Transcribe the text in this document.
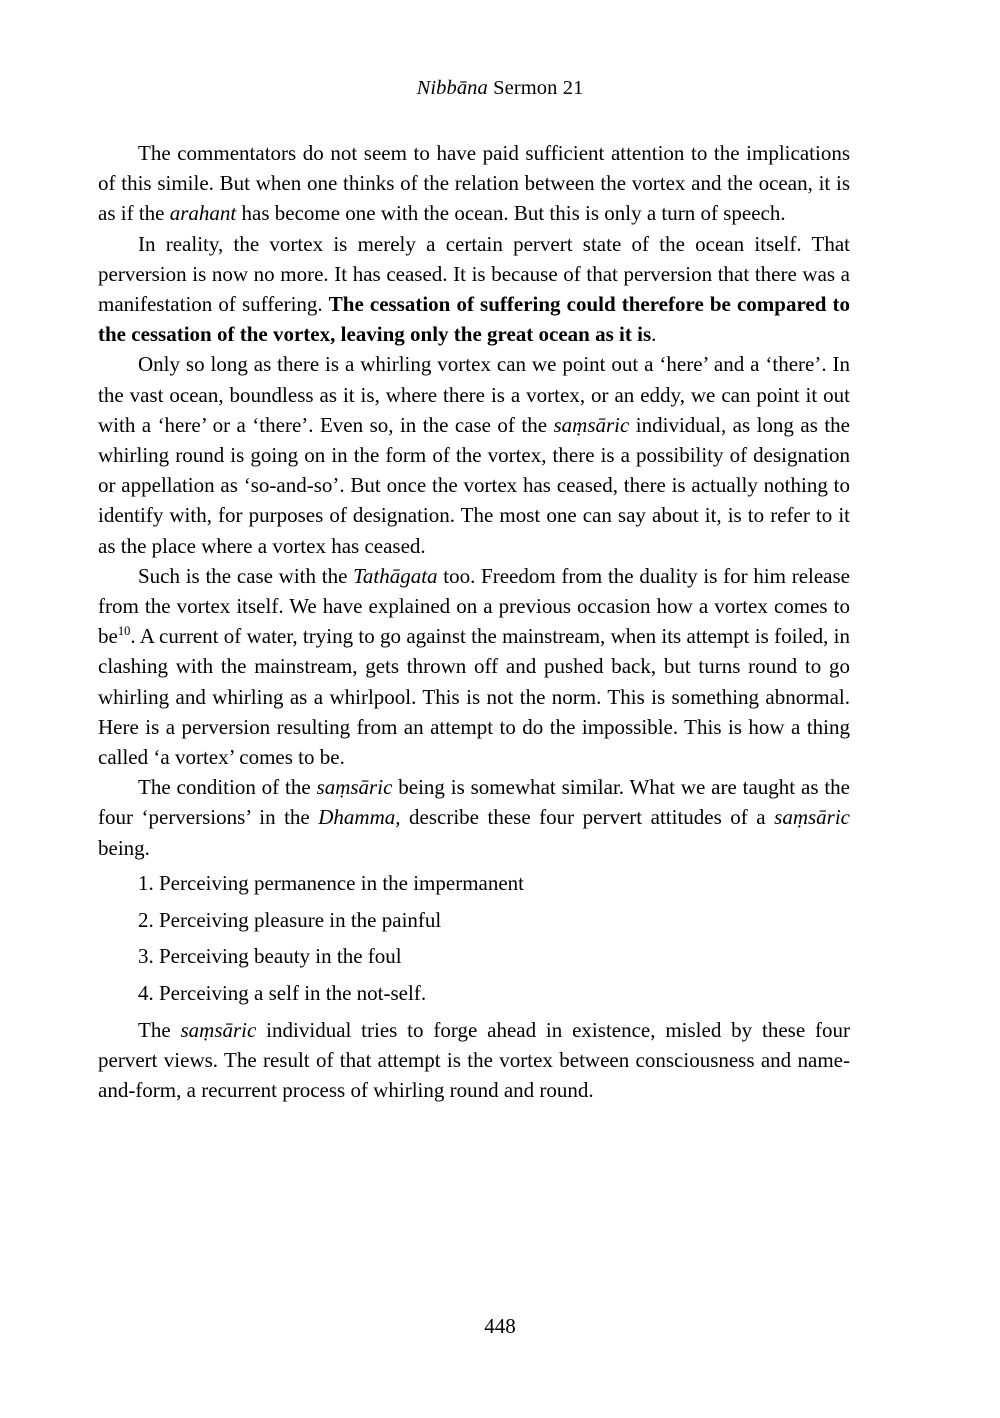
Nibbāna Sermon 21

The commentators do not seem to have paid sufficient attention to the implications of this simile. But when one thinks of the relation between the vortex and the ocean, it is as if the arahant has become one with the ocean. But this is only a turn of speech.

In reality, the vortex is merely a certain pervert state of the ocean itself. That perversion is now no more. It has ceased. It is because of that perversion that there was a manifestation of suffering. The cessation of suffering could therefore be compared to the cessation of the vortex, leaving only the great ocean as it is.

Only so long as there is a whirling vortex can we point out a ‘here’ and a ‘there’. In the vast ocean, boundless as it is, where there is a vortex, or an eddy, we can point it out with a ‘here’ or a ‘there’. Even so, in the case of the saṃsāric individual, as long as the whirling round is going on in the form of the vortex, there is a possibility of designation or appellation as ‘so-and-so’. But once the vortex has ceased, there is actually nothing to identify with, for purposes of designation. The most one can say about it, is to refer to it as the place where a vortex has ceased.

Such is the case with the Tathāgata too. Freedom from the duality is for him release from the vortex itself. We have explained on a previous occasion how a vortex comes to be$^{10}$. A current of water, trying to go against the mainstream, when its attempt is foiled, in clashing with the mainstream, gets thrown off and pushed back, but turns round to go whirling and whirling as a whirlpool. This is not the norm. This is something abnormal. Here is a perversion resulting from an attempt to do the impossible. This is how a thing called ‘a vortex’ comes to be.

The condition of the saṃsāric being is somewhat similar. What we are taught as the four ‘perversions’ in the Dhamma, describe these four pervert attitudes of a saṃsāric being.

1. Perceiving permanence in the impermanent
2. Perceiving pleasure in the painful
3. Perceiving beauty in the foul
4. Perceiving a self in the not-self.

The saṃsāric individual tries to forge ahead in existence, misled by these four pervert views. The result of that attempt is the vortex between consciousness and name-and-form, a recurrent process of whirling round and round.

448
